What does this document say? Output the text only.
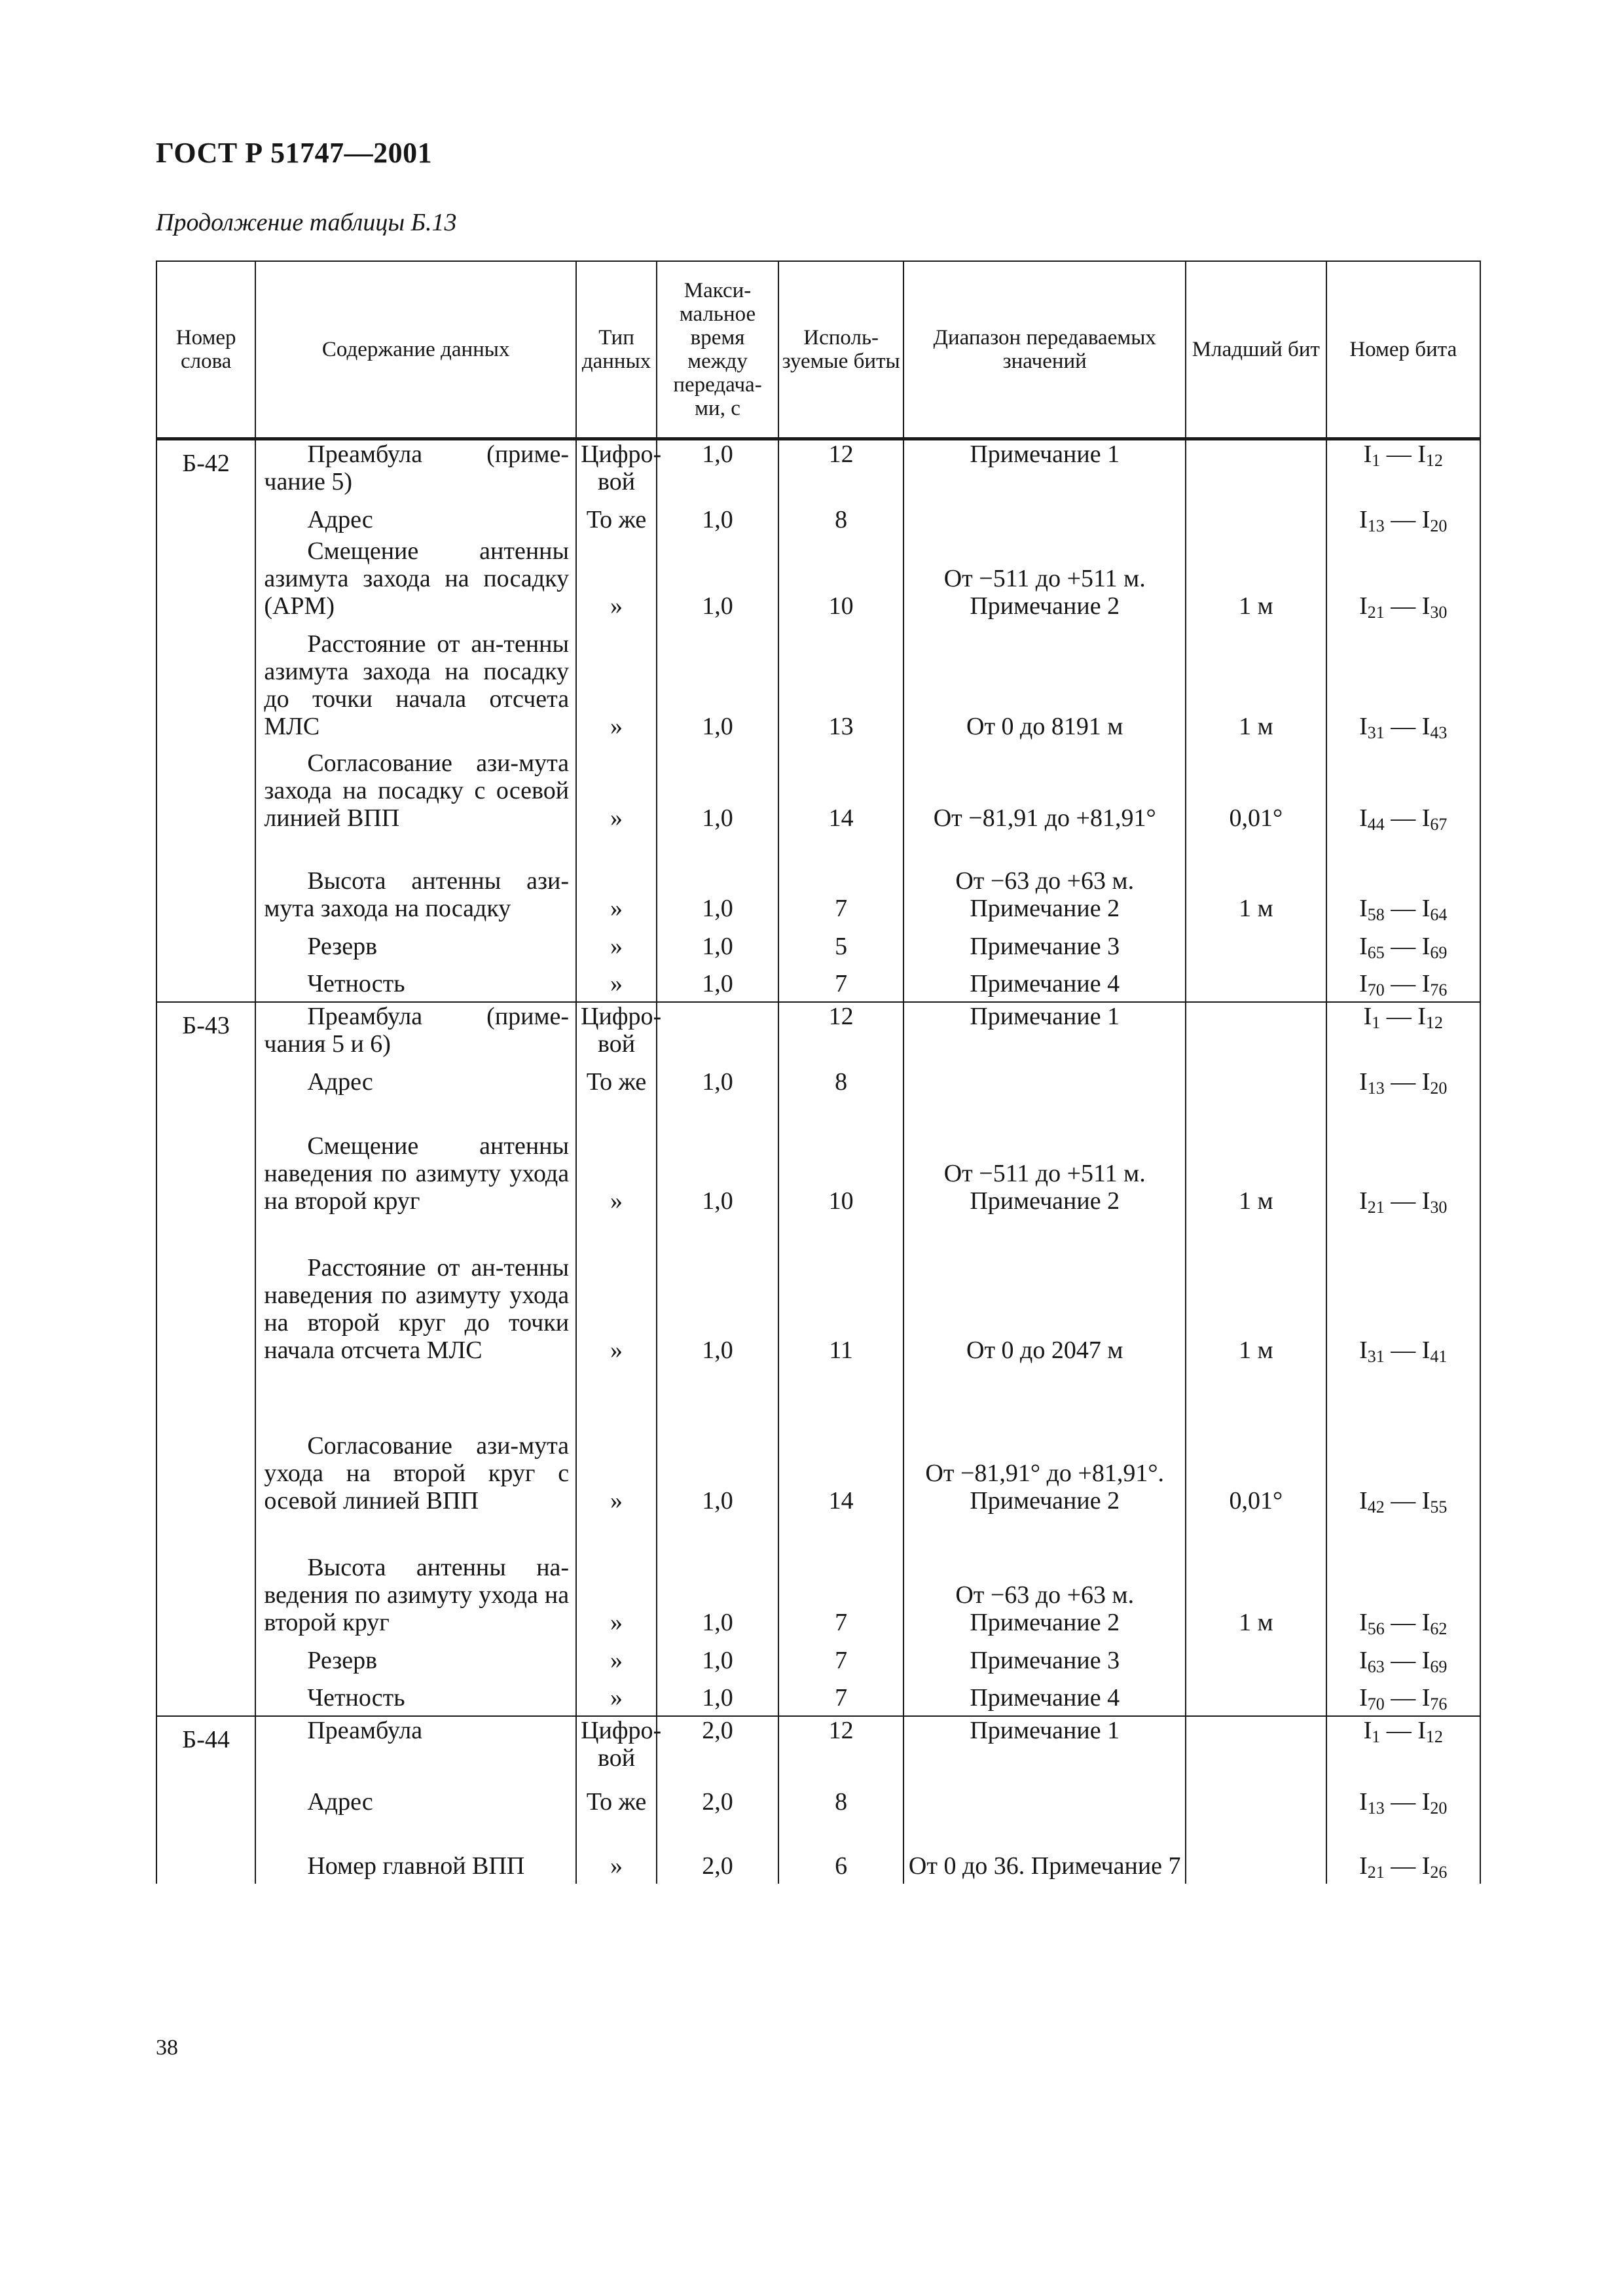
ГОСТ Р 51747—2001
Продолжение таблицы Б.13
Номер слова	Содержание данных	Тип данных	Макси-мальное время между передача-ми, с	Исполь-зуемые биты	Диапазон передаваемых значений	Младший бит	Номер бита
Б-42	Преамбула (приме-чание 5)	Цифро-вой	1,0	12	Примечание 1		$I_1$ — $I_{12}$

	Адрес	То же	1,0	8			$I_{13}$ — $I_{20}$

	Смещение антенны азимута захода на посадку (APM)	»	1,0	10	От −511 до +511 м. Примечание 2	1 м	$I_{21}$ — $I_{30}$

	Расстояние от ан-тенны азимута захода на посадку до точки начала отсчета МЛС	»	1,0	13	От 0 до 8191 м	1 м	$I_{31}$ — $I_{43}$

	Согласование ази-мута захода на посадку с осевой линией ВПП	»	1,0	14	От −81,91 до +81,91°	0,01°	$I_{44}$ — $I_{67}$

	Высота антенны ази-мута захода на посадку	»	1,0	7	От −63 до +63 м. Примечание 2	1 м	$I_{58}$ — $I_{64}$

	Резерв	»	1,0	5	Примечание 3		$I_{65}$ — $I_{69}$

	Четность	»	1,0	7	Примечание 4		$I_{70}$ — $I_{76}$
Б-43	Преамбула (приме-чания 5 и 6)	Цифро-вой		12	Примечание 1		$I_1$ — $I_{12}$

	Адрес	То же	1,0	8			$I_{13}$ — $I_{20}$

	Смещение антенны наведения по азимуту ухода на второй круг	»	1,0	10	От −511 до +511 м. Примечание 2	1 м	$I_{21}$ — $I_{30}$

	Расстояние от ан-тенны наведения по азимуту ухода на второй круг до точки начала отсчета МЛС	»	1,0	11	От 0 до 2047 м	1 м	$I_{31}$ — $I_{41}$

	Согласование ази-мута ухода на второй круг с осевой линией ВПП	»	1,0	14	От −81,91° до +81,91°. Примечание 2	0,01°	$I_{42}$ — $I_{55}$

	Высота антенны на-ведения по азимуту ухода на второй круг	»	1,0	7	От −63 до +63 м. Примечание 2	1 м	$I_{56}$ — $I_{62}$

	Резерв	»	1,0	7	Примечание 3		$I_{63}$ — $I_{69}$

	Четность	»	1,0	7	Примечание 4		$I_{70}$ — $I_{76}$
Б-44	Преамбула	Цифро-вой	2,0	12	Примечание 1		$I_1$ — $I_{12}$

	Адрес	То же	2,0	8			$I_{13}$ — $I_{20}$

	Номер главной ВПП	»	2,0	6	От 0 до 36. Примечание 7		$I_{21}$ — $I_{26}$
38
